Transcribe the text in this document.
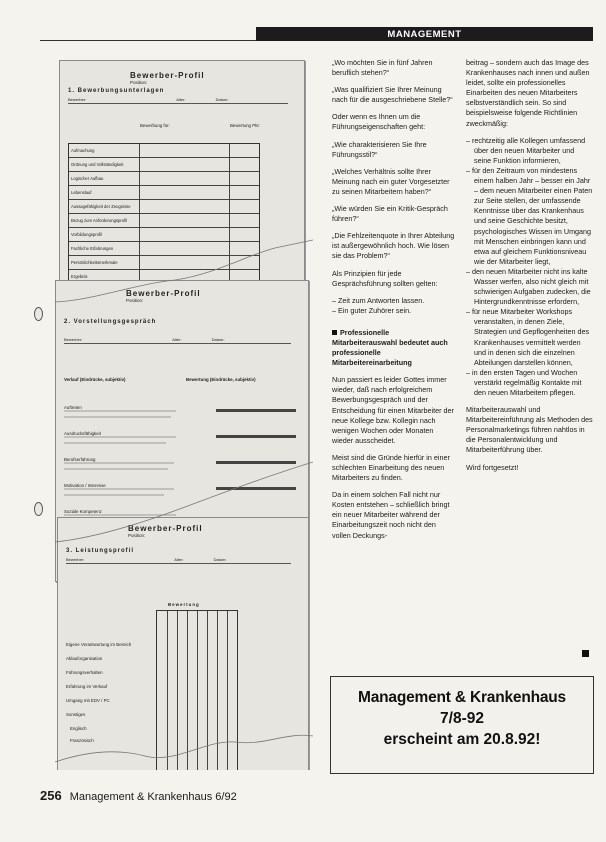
MANAGEMENT
Bewerber-Profil
Position:
1. Bewerbungsunterlagen
Bewerber:	Alter:	Datum:
Bewerbung für:	Bewertung Pkt:
Aufmachung
Ordnung und Vollständigkeit
Logischer Aufbau
Lebenslauf
Aussagefähigkeit der Zeugnisse
Bezug zum Anforderungsprofil
Vorbildungsprofil
Fachliche Erfahrungen
Persönlichkeitsmerkmale
Ergebnis
Bewerber-Profil
Position:
2. Vorstellungsgespräch
Bewerber:	Alter:	Datum:
Verlauf (Eindrücke, subjektiv)	Bewertung (Eindrücke, subjektiv)
Auftreten
Ausdrucksfähigkeit
Berufserfahrung
Motivation / Interesse
Soziale Kompetenz
Bewerber-Profil
Position:
3. Leistungsprofil
Bewerber:	Alter:	Datum:
Bewertung
Eigene Verantwortung im Bereich
Ablauforganisation
Führungsverhalten
Erfahrung im Verkauf
Umgang mit EDV / PC
Sonstiges
Englisch
Französisch

„Wo möchten Sie in fünf Jahren beruflich stehen?“

„Was qualifiziert Sie Ihrer Meinung nach für die ausgeschriebene Stelle?“

Oder wenn es Ihnen um die Führungseigenschaften geht:

„Wie charakterisieren Sie Ihre Führungsstil?“

„Welches Verhältnis sollte Ihrer Meinung nach ein guter Vorgesetzter zu seinen Mitarbeitern haben?“

„Wie würden Sie ein Kritik-Gespräch führen?“

„Die Fehlzeitenquote in Ihrer Abteilung ist außergewöhnlich hoch. Wie lösen sie das Problem?“

Als Prinzipien für jede Gesprächsführung sollten gelten:

– Zeit zum Antworten lassen.
– Ein guter Zuhörer sein.

Professionelle Mitarbeiterauswahl bedeutet auch professionelle Mitarbeitereinarbeitung

Nun passiert es leider Gottes immer wieder, daß nach erfolgreichem Bewerbungsgespräch und der Entscheidung für einen Mitarbeiter der neue Kollege bzw. Kollegin nach wenigen Wochen oder Monaten wieder ausscheidet.

Meist sind die Gründe hierfür in einer schlechten Einarbeitung des neuen Mitarbeiters zu finden.

Da in einem solchen Fall nicht nur Kosten entstehen – schließlich bringt ein neuer Mitarbeiter während der Einarbeitungszeit noch nicht den vollen Deckungs-

beitrag – sondern auch das Image des Krankenhauses nach innen und außen leidet, sollte ein professionelles Einarbeiten des neuen Mitarbeiters selbstverständlich sein. So sind beispielsweise folgende Richtlinien zweckmäßig:

– rechtzeitig alle Kollegen umfassend über den neuen Mitarbeiter und seine Funktion informieren,
– für den Zeitraum von mindestens einem halben Jahr – besser ein Jahr – dem neuen Mitarbeiter einen Paten zur Seite stellen, der umfassende Kenntnisse über das Krankenhaus und seine Geschichte besitzt, psychologisches Wissen im Umgang mit Menschen einbringen kann und etwa auf gleichem Funktionsniveau wie der Mitarbeiter liegt,
– den neuen Mitarbeiter nicht ins kalte Wasser werfen, also nicht gleich mit schwierigen Aufgaben zudecken, die Hintergrundkenntnisse erfordern,
– für neue Mitarbeiter Workshops veranstalten, in denen Ziele, Strategien und Gepflogenheiten des Krankenhauses vermittelt werden und in denen sich die einzelnen Abteilungen darstellen können,
– in den ersten Tagen und Wochen verstärkt regelmäßig Kontakte mit den neuen Mitarbeitern pflegen.

Mitarbeiterauswahl und Mitarbeitereinführung als Methoden des Personalmarketings führen nahtlos in die Personalentwicklung und Mitarbeiterführung über.

Wird fortgesetzt!

Management & Krankenhaus
7/8-92
erscheint am 20.8.92!
256 Management & Krankenhaus 6/92
